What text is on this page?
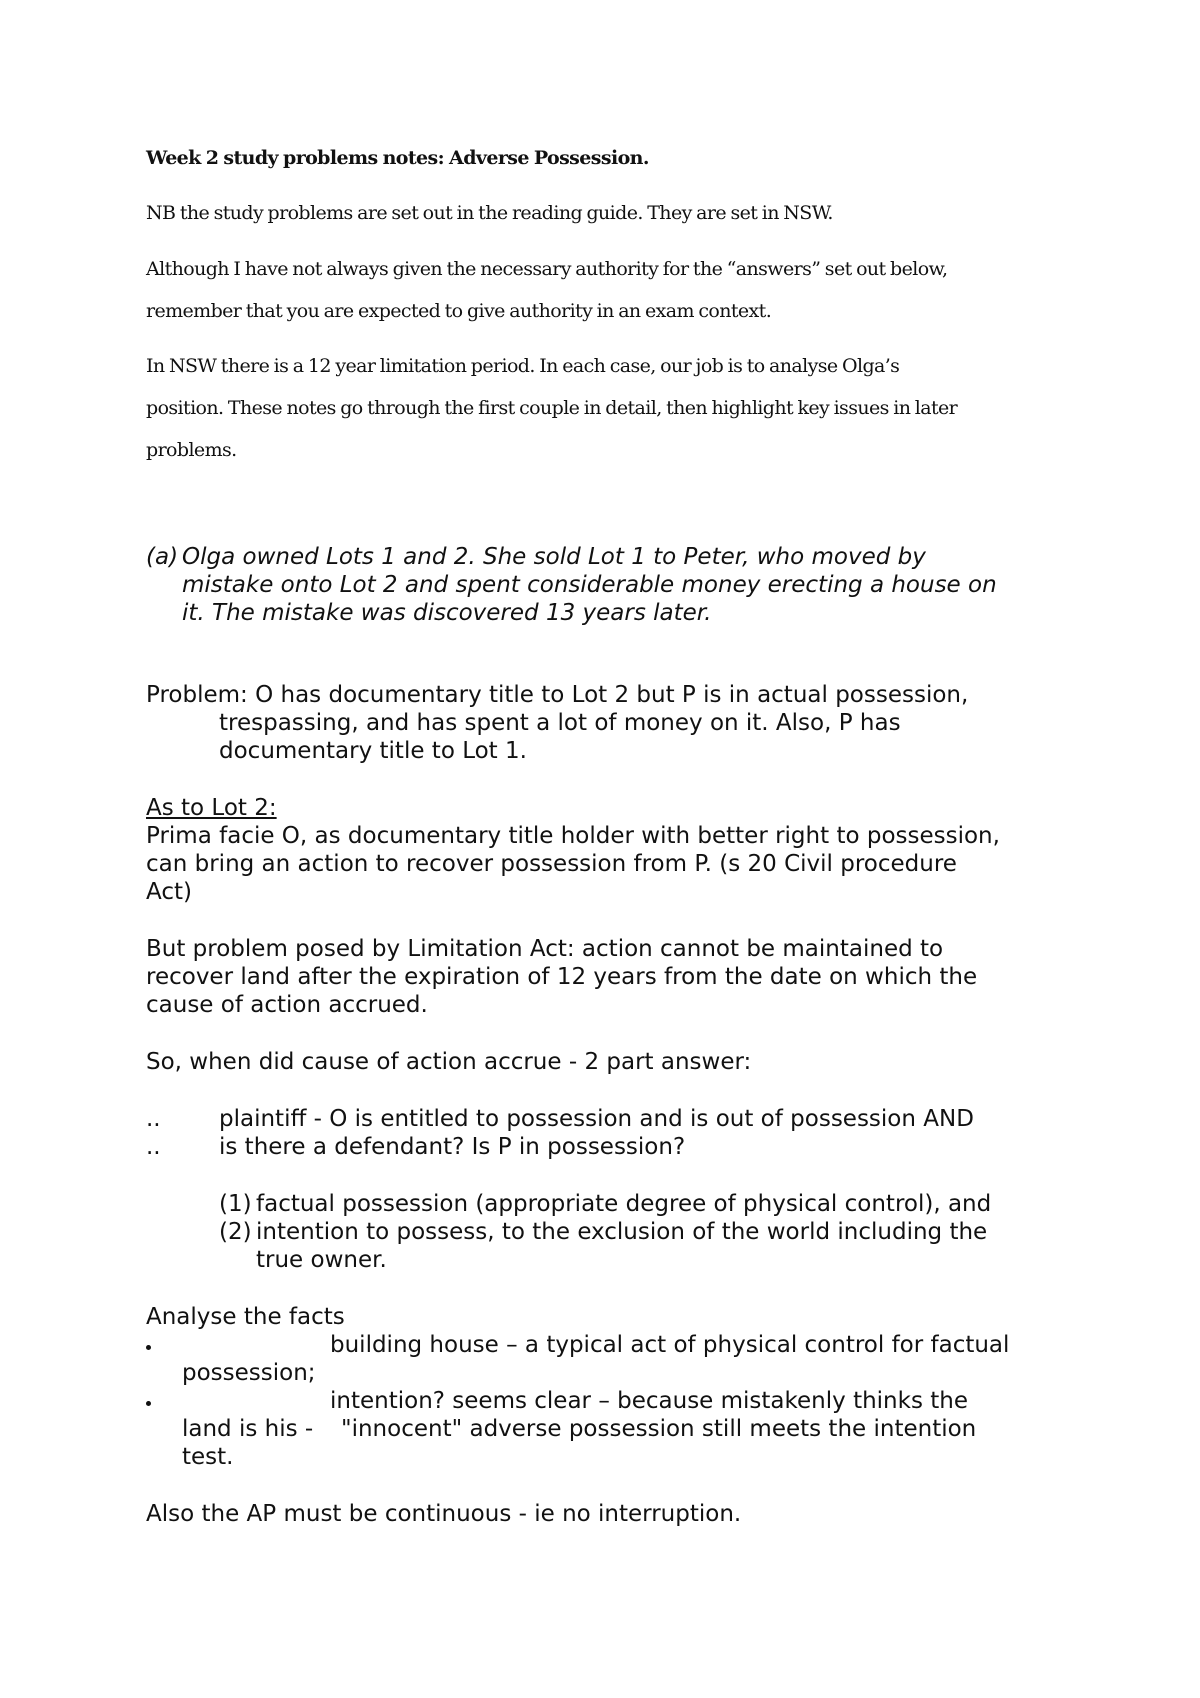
Week 2 study problems notes: Adverse Possession.

NB the study problems are set out in the reading guide. They are set in NSW.

Although I have not always given the necessary authority for the “answers” set out below,

remember that you are expected to give authority in an exam context.

In NSW there is a 12 year limitation period. In each case, our job is to analyse Olga’s

position. These notes go through the first couple in detail, then highlight key issues in later

problems.

(a) Olga owned Lots 1 and 2. She sold Lot 1 to Peter, who moved by

mistake onto Lot 2 and spent considerable money erecting a house on

it. The mistake was discovered 13 years later.

Problem: O has documentary title to Lot 2 but P is in actual possession,

trespassing, and has spent a lot of money on it. Also, P has

documentary title to Lot 1.

As to Lot 2:

Prima facie O, as documentary title holder with better right to possession,

can bring an action to recover possession from P. (s 20 Civil procedure

Act)

But problem posed by Limitation Act: action cannot be maintained to

recover land after the expiration of 12 years from the date on which the

cause of action accrued.

So, when did cause of action accrue - 2 part answer:

..	plaintiff - O is entitled to possession and is out of possession AND

..	is there a defendant? Is P in possession?

(1) factual possession (appropriate degree of physical control), and

(2) intention to possess, to the exclusion of the world including the

true owner.

Analyse the facts

building house – a typical act of physical control for factual

possession;

intention? seems clear – because mistakenly thinks the

land is his - "innocent" adverse possession still meets the intention

test.

Also the AP must be continuous - ie no interruption.
